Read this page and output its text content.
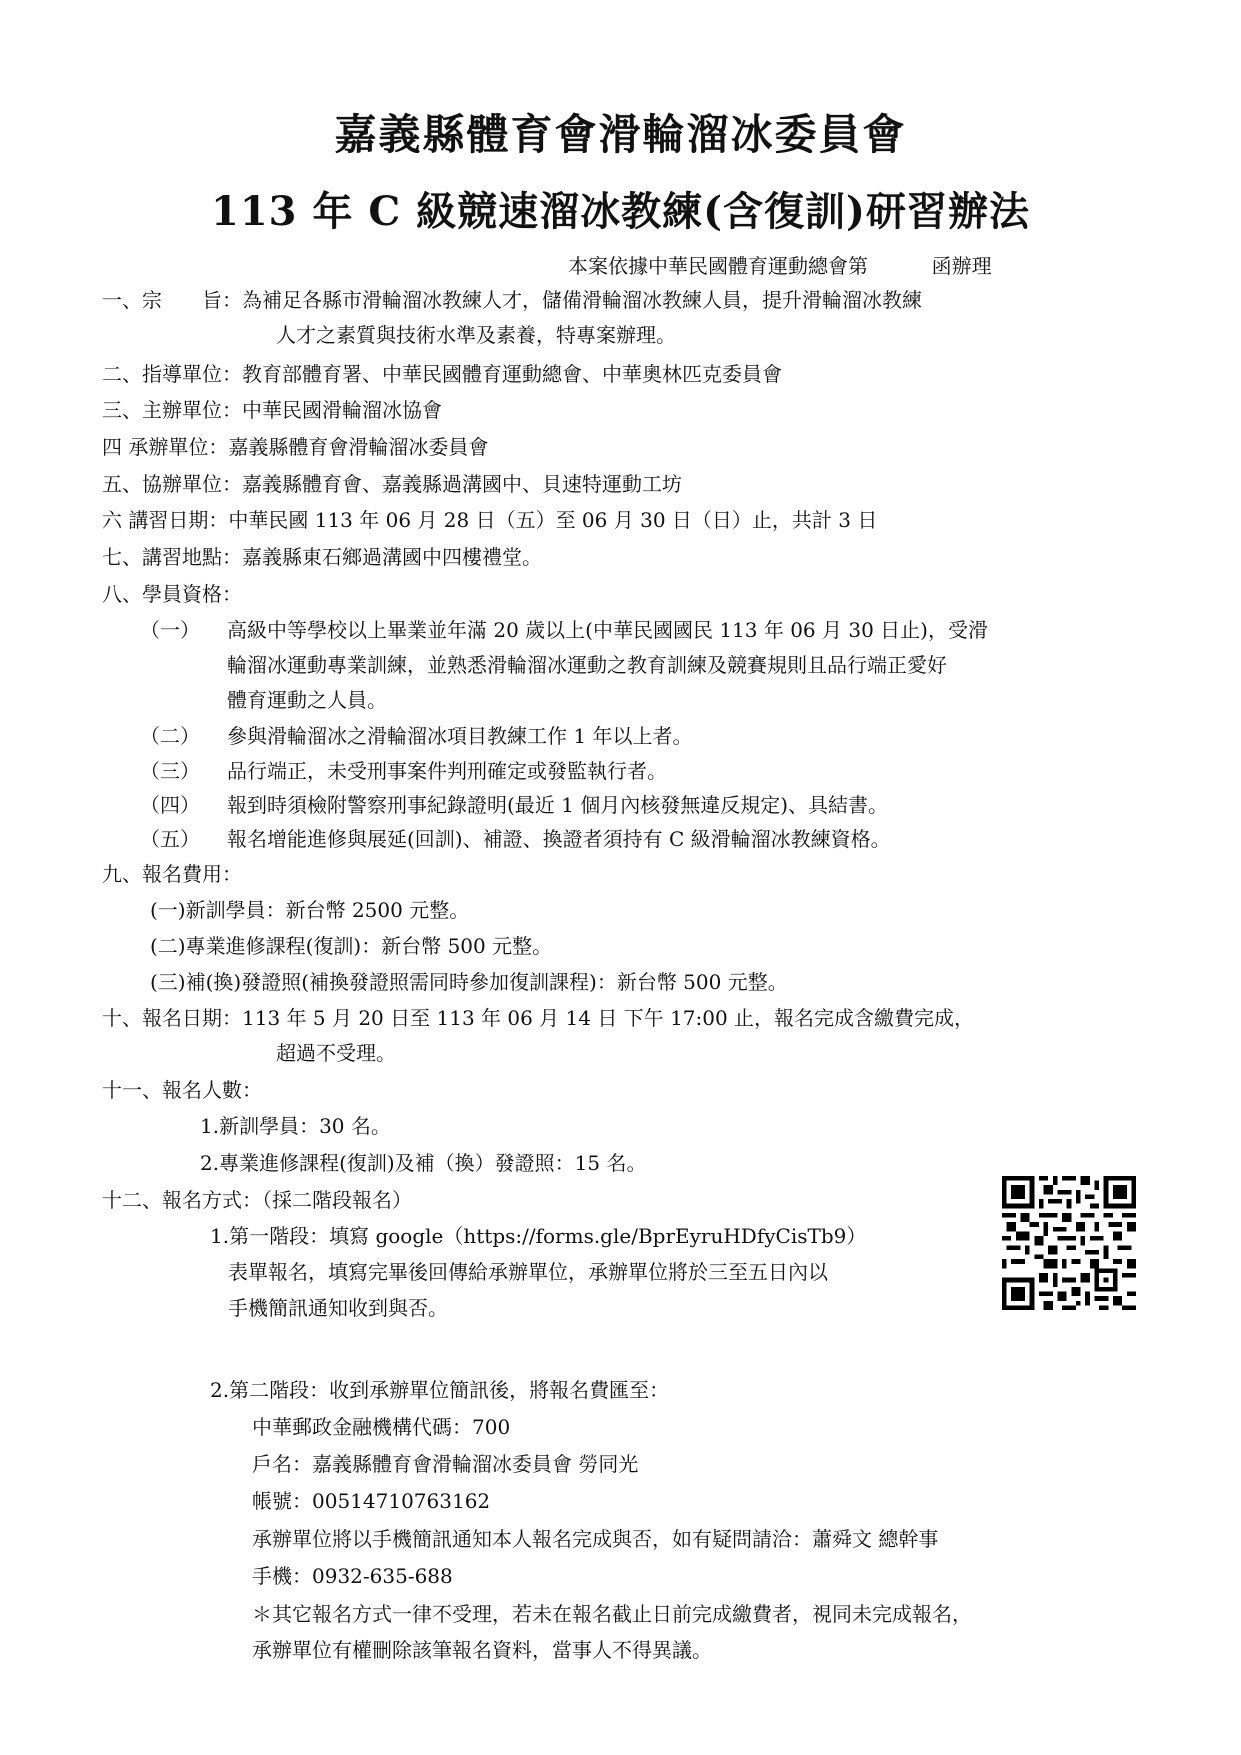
嘉義縣體育會滑輪溜冰委員會
113 年 C 級競速溜冰教練(含復訓)研習辦法
本案依據中華民國體育運動總會第          函辦理
一、宗　　旨：為補足各縣市滑輪溜冰教練人才，儲備滑輪溜冰教練人員，提升滑輪溜冰教練
人才之素質與技術水準及素養，特專案辦理。
二、指導單位：教育部體育署、中華民國體育運動總會、中華奧林匹克委員會
三、主辦單位：中華民國滑輪溜冰協會
四 承辦單位：嘉義縣體育會滑輪溜冰委員會
五、協辦單位：嘉義縣體育會、嘉義縣過溝國中、貝速特運動工坊
六 講習日期：中華民國 113 年 06 月 28 日（五）至 06 月 30 日（日）止，共計 3 日
七、講習地點：嘉義縣東石鄉過溝國中四樓禮堂。
八、學員資格：
（一） 高級中等學校以上畢業並年滿 20 歲以上(中華民國國民 113 年 06 月 30 日止)，受滑
輪溜冰運動專業訓練，並熟悉滑輪溜冰運動之教育訓練及競賽規則且品行端正愛好
體育運動之人員。
（二） 參與滑輪溜冰之滑輪溜冰項目教練工作 1 年以上者。
（三） 品行端正，未受刑事案件判刑確定或發監執行者。
（四） 報到時須檢附警察刑事紀錄證明(最近 1 個月內核發無違反規定)、具結書。
（五） 報名增能進修與展延(回訓)、補證、換證者須持有 C 級滑輪溜冰教練資格。
九、報名費用：
(一)新訓學員：新台幣 2500 元整。
(二)專業進修課程(復訓)：新台幣 500 元整。
(三)補(換)發證照(補換發證照需同時參加復訓課程)：新台幣 500 元整。
十、報名日期：113 年 5 月 20 日至 113 年 06 月 14 日 下午 17:00 止，報名完成含繳費完成，
超過不受理。
十一、報名人數：
1.新訓學員：30 名。
2.專業進修課程(復訓)及補（換）發證照：15 名。
十二、報名方式：（採二階段報名）
1.第一階段：填寫 google（https://forms.gle/BprEyruHDfyCisTb9）
表單報名，填寫完畢後回傳給承辦單位，承辦單位將於三至五日內以
手機簡訊通知收到與否。
2.第二階段：收到承辦單位簡訊後，將報名費匯至：
中華郵政金融機構代碼：700
戶名：嘉義縣體育會滑輪溜冰委員會 勞同光
帳號：00514710763162
承辦單位將以手機簡訊通知本人報名完成與否，如有疑問請洽：蕭舜文 總幹事
手機：0932-635-688
＊其它報名方式一律不受理，若未在報名截止日前完成繳費者，視同未完成報名，
承辦單位有權刪除該筆報名資料，當事人不得異議。
